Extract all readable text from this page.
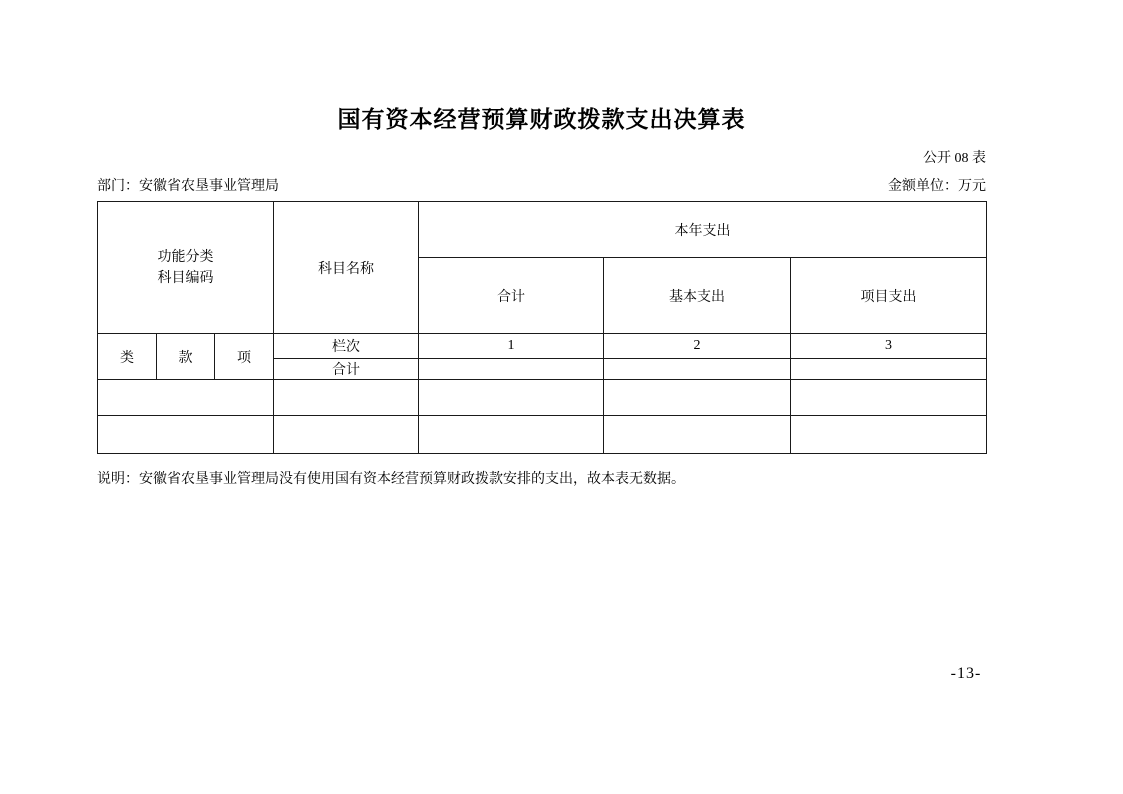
国有资本经营预算财政拨款支出决算表
公开 08 表
部门：安徽省农垦事业管理局	金额单位：万元
功能分类
科目编码			科目名称	本年支出		
				合计	基本支出	项目支出
类	款	项	栏次	1	2	3
			合计			

说明：安徽省农垦事业管理局没有使用国有资本经营预算财政拨款安排的支出，故本表无数据。
-13-
